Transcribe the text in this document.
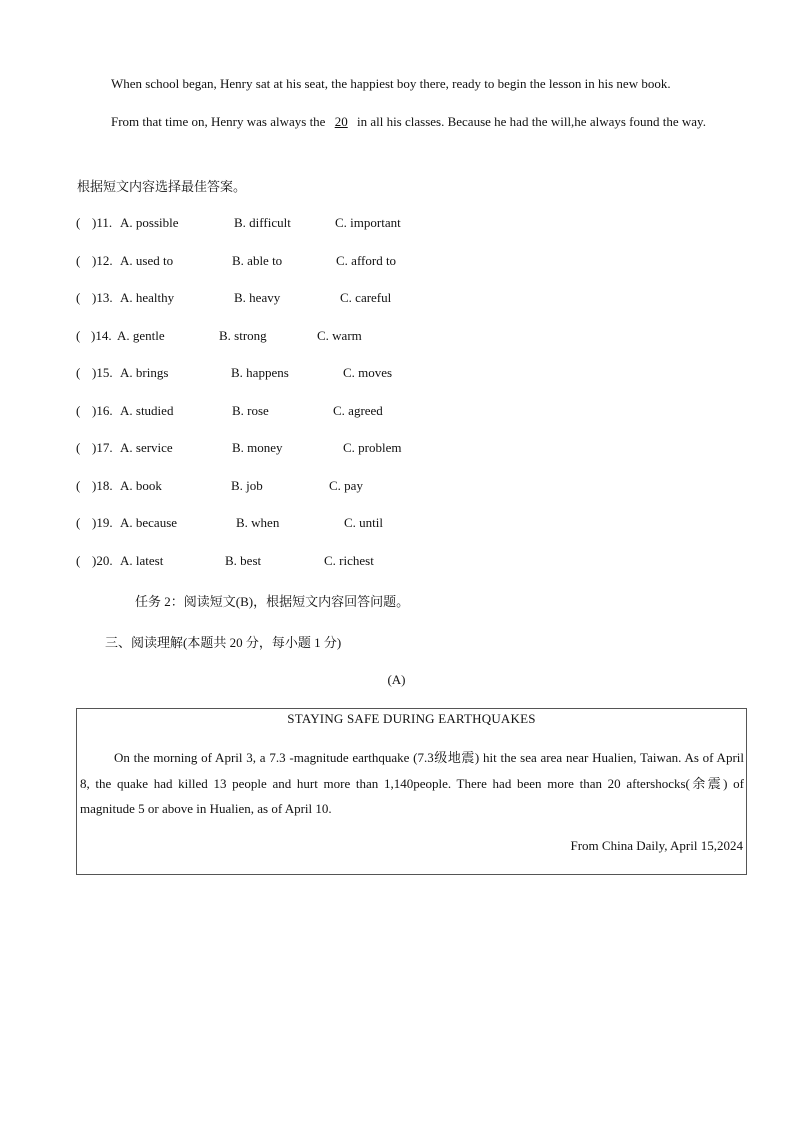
When school began, Henry sat at his seat, the happiest boy there, ready to begin the lesson in his new book.
From that time on, Henry was always the 20 in all his classes. Because he had the will,he always found the way.
根据短文内容选择最佳答案。
( )11. A. possible	B. difficult	C. important
( )12. A. used to	B. able to	C. afford to
( )13. A. healthy	B. heavy	C. careful
( )14. A. gentle	B. strong	C. warm
( )15. A. brings	B. happens	C. moves
( )16. A. studied	B. rose	C. agreed
( )17. A. service	B. money	C. problem
( )18. A. book	B. job	C. pay
( )19. A. because	B. when	C. until
( )20. A. latest	B. best	C. richest
任务 2：阅读短文(B)，根据短文内容回答问题。
三、阅读理解(本题共 20 分，每小题 1 分)
(A)
STAYING SAFE DURING EARTHQUAKES
On the morning of April 3, a 7.3 -magnitude earthquake (7.3级地震) hit the sea area near Hualien, Taiwan. As of April 8, the quake had killed 13 people and hurt more than 1,140people. There had been more than 20 aftershocks(余震) of magnitude 5 or above in Hualien, as of April 10.
From China Daily, April 15,2024
